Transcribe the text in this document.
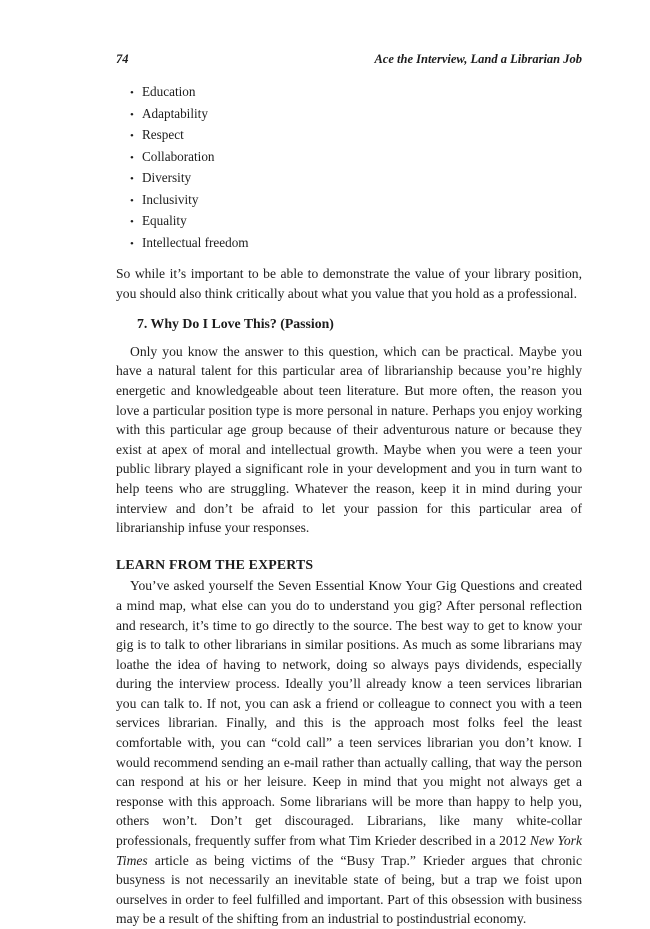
74	Ace the Interview, Land a Librarian Job
• Education
• Adaptability
• Respect
• Collaboration
• Diversity
• Inclusivity
• Equality
• Intellectual freedom

So while it’s important to be able to demonstrate the value of your library position, you should also think critically about what you value that you hold as a professional.

7. Why Do I Love This? (Passion)

Only you know the answer to this question, which can be practical. Maybe you have a natural talent for this particular area of librarianship because you’re highly energetic and knowledgeable about teen literature. But more often, the reason you love a particular position type is more personal in nature. Perhaps you enjoy working with this particular age group because of their adventurous nature or because they exist at apex of moral and intellectual growth. Maybe when you were a teen your public library played a significant role in your development and you in turn want to help teens who are struggling. Whatever the reason, keep it in mind during your interview and don’t be afraid to let your passion for this particular area of librarianship infuse your responses.

LEARN FROM THE EXPERTS

You’ve asked yourself the Seven Essential Know Your Gig Questions and created a mind map, what else can you do to understand you gig? After personal reflection and research, it’s time to go directly to the source. The best way to get to know your gig is to talk to other librarians in similar positions. As much as some librarians may loathe the idea of having to network, doing so always pays dividends, especially during the interview process. Ideally you’ll already know a teen services librarian you can talk to. If not, you can ask a friend or colleague to connect you with a teen services librarian. Finally, and this is the approach most folks feel the least comfortable with, you can “cold call” a teen services librarian you don’t know. I would recommend sending an e-mail rather than actually calling, that way the person can respond at his or her leisure. Keep in mind that you might not always get a response with this approach. Some librarians will be more than happy to help you, others won’t. Don’t get discouraged. Librarians, like many white-collar professionals, frequently suffer from what Tim Krieder described in a 2012 New York Times article as being victims of the “Busy Trap.” Krieder argues that chronic busyness is not necessarily an inevitable state of being, but a trap we foist upon ourselves in order to feel fulfilled and important. Part of this obsession with business may be a result of the shifting from an industrial to postindustrial economy.
